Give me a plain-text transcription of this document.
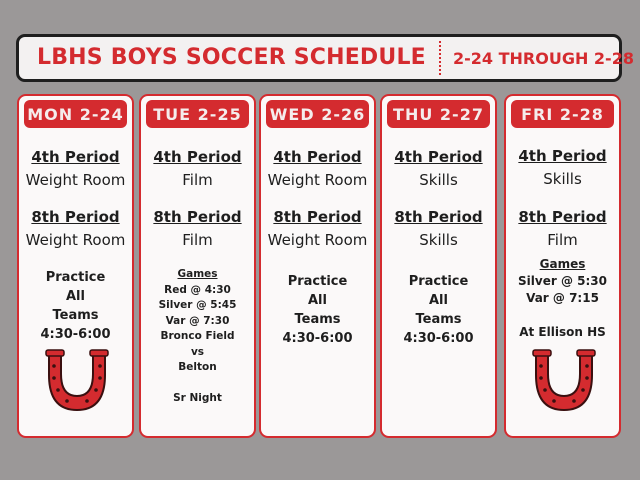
LBHS BOYS SOCCER SCHEDULE 2-24 THROUGH 2-28
MON 2-24
4th Period
Weight Room
8th Period
Weight Room
Practice
All
Teams
4:30-6:00
TUE 2-25
4th Period
Film
8th Period
Film
Games
Red @ 4:30
Silver @ 5:45
Var @ 7:30
Bronco Field
vs
Belton
Sr Night
WED 2-26
4th Period
Weight Room
8th Period
Weight Room
Practice
All
Teams
4:30-6:00
THU 2-27
4th Period
Skills
8th Period
Skills
Practice
All
Teams
4:30-6:00
FRI 2-28
4th Period
Skills
8th Period
Film
Games
Silver @ 5:30
Var @ 7:15
At Ellison HS
